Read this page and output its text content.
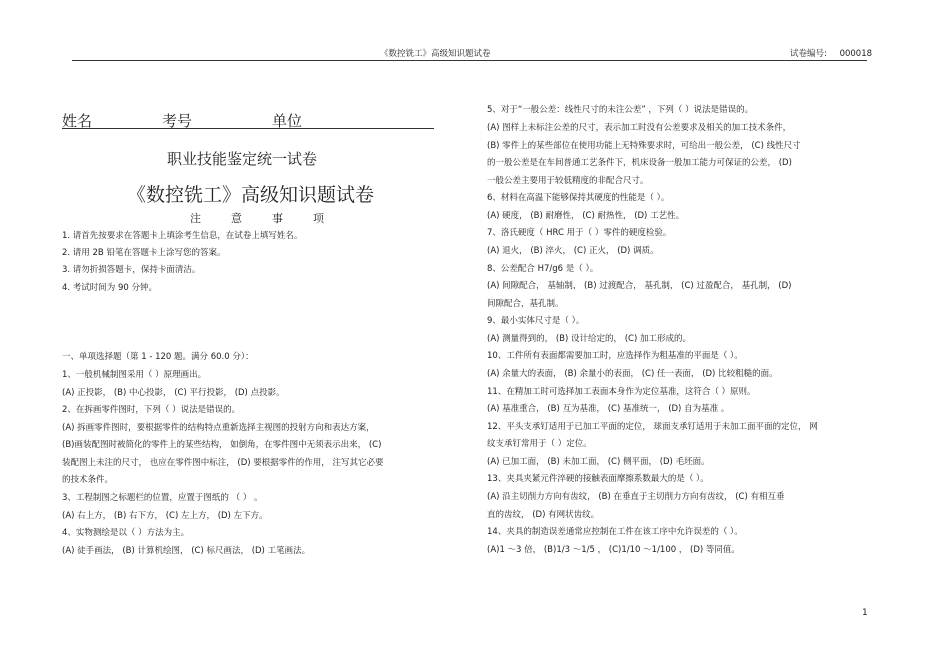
《数控铣工》高级知识题试卷	试卷编号: 000018
姓名	考号	单位
职业技能鉴定统一试卷
《数控铣工》高级知识题试卷
注	意	事	项
1. 请首先按要求在答题卡上填涂考生信息，在试卷上填写姓名。
2. 请用 2B 铅笔在答题卡上涂写您的答案。
3. 请勿折损答题卡，保持卡面清洁。
4. 考试时间为 90 分钟。
一、单项选择题（第 1 - 120 题。满分 60.0 分）：
1、一般机械制图采用（ ）原理画出。
(A) 正投影， (B) 中心投影， (C) 平行投影， (D) 点投影。
2、在拆画零件图时，下列（ ）说法是错误的。
(A) 拆画零件图时，要根据零件的结构特点重新选择主视图的投射方向和表达方案，
(B)画装配图时被简化的零件上的某些结构， 如倒角，在零件图中无须表示出来， (C)
装配图上未注的尺寸， 也应在零件图中标注， (D) 要根据零件的作用， 注写其它必要
的技术条件。
3、工程制图之标题栏的位置，应置于图纸的 （ ） 。
(A) 右上方， (B) 右下方， (C) 左上方， (D) 左下方。
4、实物测绘是以（ ）方法为主。
(A) 徒手画法， (B) 计算机绘图， (C) 标尺画法， (D) 工笔画法。
5、对于“一般公差：线性尺寸的未注公差” ，下列（ ）说法是错误的。
(A) 图样上未标注公差的尺寸，表示加工时没有公差要求及相关的加工技术条件，
(B) 零件上的某些部位在使用功能上无特殊要求时，可给出一般公差， (C) 线性尺寸
的一般公差是在车间普通工艺条件下，机床设备一般加工能力可保证的公差， (D)
一般公差主要用于较低精度的非配合尺寸。
6、材料在高温下能够保持其硬度的性能是（ ）。
(A) 硬度， (B) 耐磨性， (C) 耐热性， (D) 工艺性。
7、洛氏硬度（ HRC 用于（ ）零件的硬度检验。
(A) 退火， (B) 淬火， (C) 正火， (D) 调质。
8、公差配合 H7/g6 是（ ）。
(A) 间隙配合， 基轴制， (B) 过渡配合， 基孔制， (C) 过盈配合， 基孔制， (D)
间隙配合，基孔制。
9、最小实体尺寸是（ ）。
(A) 测量得到的， (B) 设计给定的， (C) 加工形成的。
10、工件所有表面都需要加工时，应选择作为粗基准的平面是（ ）。
(A) 余量大的表面， (B) 余量小的表面， (C) 任一表面， (D) 比较粗糙的面。
11、在精加工时可选择加工表面本身作为定位基准，这符合（ ）原则。
(A) 基准重合， (B) 互为基准， (C) 基准统一， (D) 自为基准 。
12、平头支承钉适用于已加工平面的定位， 球面支承钉适用于未加工面平面的定位， 网
纹支承钉常用于（ ）定位。
(A) 已加工面， (B) 未加工面， (C) 侧平面， (D) 毛坯面。
13、夹具夹紧元件淬硬的接触表面摩擦系数最大的是（ ）。
(A) 沿主切削力方向有齿纹， (B) 在垂直于主切削力方向有齿纹， (C) 有相互垂
直的齿纹， (D) 有网状齿纹。
14、夹具的制造误差通常应控制在工件在该工序中允许误差的（ ）。
(A)1 ～3 倍， (B)1/3 ～1/5 ， (C)1/10 ～1/100 ， (D) 等同值。
1
